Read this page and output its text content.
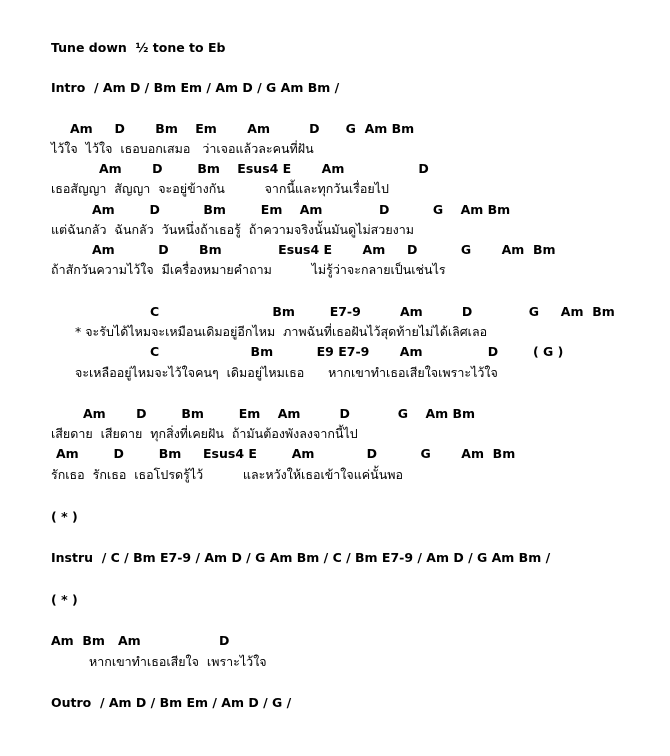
Tune down  ½ tone to Eb
Intro  / Am D / Bm Em / Am D / G Am Bm /
Am     D       Bm    Em       Am         D      G  Am Bm
ไว้ใจ  ไว้ใจ  เธอบอกเสมอ   ว่าเจอแล้วละคนที่ฝัน
Am       D        Bm    Esus4 E       Am                 D
เธอสัญญา  สัญญา  จะอยู่ข้างกัน          จากนี้และทุกวันเรื่อยไป
Am        D          Bm        Em    Am             D          G    Am Bm
แต่ฉันกลัว  ฉันกลัว  วันหนึ่งถ้าเธอรู้  ถ้าความจริงนั้นมันดูไม่สวยงาม
Am          D       Bm             Esus4 E       Am     D          G       Am  Bm
ถ้าสักวันความไว้ใจ  มีเครื่องหมายคำถาม          ไม่รู้ว่าจะกลายเป็นเช่นไร
C                          Bm        E7-9         Am         D             G     Am  Bm
* จะรับได้ไหมจะเหมือนเดิมอยู่อีกไหม  ภาพฉันที่เธอฝันไว้สุดท้ายไม่ได้เลิศเลอ
C                     Bm          E9 E7-9       Am               D        ( G )
จะเหลืออยู่ไหมจะไว้ใจคนๆ  เดิมอยู่ไหมเธอ      หากเขาทำเธอเสียใจเพราะไว้ใจ
Am       D        Bm        Em    Am         D           G    Am Bm
เสียดาย  เสียดาย  ทุกสิ่งที่เคยฝัน  ถ้ามันต้องพังลงจากนี้ไป
Am        D        Bm     Esus4 E        Am            D          G       Am  Bm
รักเธอ  รักเธอ  เธอโปรดรู้ไว้          และหวังให้เธอเข้าใจแค่นั้นพอ
( * )
Instru  / C / Bm E7-9 / Am D / G Am Bm / C / Bm E7-9 / Am D / G Am Bm /
( * )
Am  Bm   Am                  D
หากเขาทำเธอเสียใจ  เพราะไว้ใจ
Outro  / Am D / Bm Em / Am D / G /
